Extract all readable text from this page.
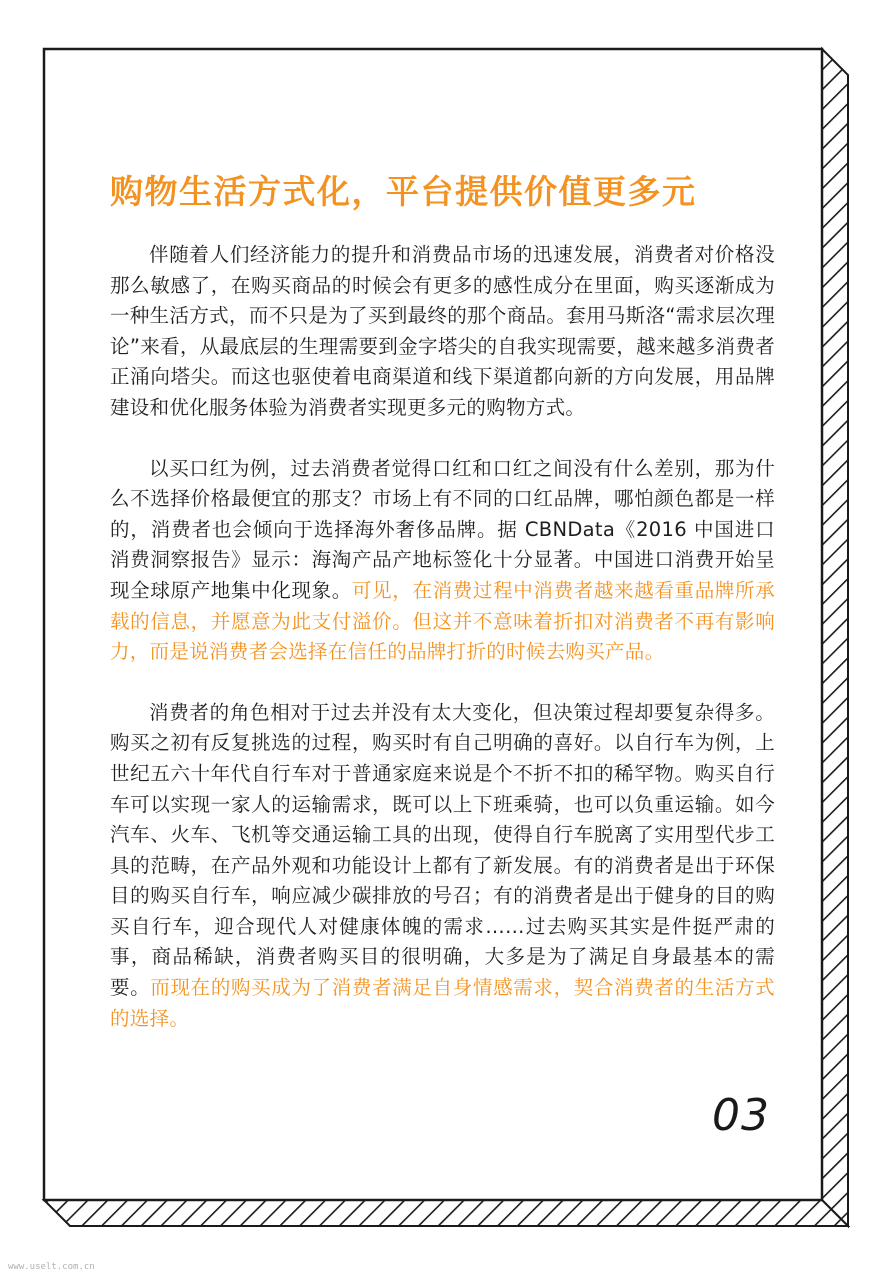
购物生活方式化，平台提供价值更多元

伴随着人们经济能力的提升和消费品市场的迅速发展，消费者对价格没那么敏感了，在购买商品的时候会有更多的感性成分在里面，购买逐渐成为一种生活方式，而不只是为了买到最终的那个商品。套用马斯洛“需求层次理论”来看，从最底层的生理需要到金字塔尖的自我实现需要，越来越多消费者正涌向塔尖。而这也驱使着电商渠道和线下渠道都向新的方向发展，用品牌建设和优化服务体验为消费者实现更多元的购物方式。

以买口红为例，过去消费者觉得口红和口红之间没有什么差别，那为什么不选择价格最便宜的那支？市场上有不同的口红品牌，哪怕颜色都是一样的，消费者也会倾向于选择海外奢侈品牌。据 CBNData《2016 中国进口消费洞察报告》显示：海淘产品产地标签化十分显著。中国进口消费开始呈现全球原产地集中化现象。可见，在消费过程中消费者越来越看重品牌所承载的信息，并愿意为此支付溢价。但这并不意味着折扣对消费者不再有影响力，而是说消费者会选择在信任的品牌打折的时候去购买产品。

消费者的角色相对于过去并没有太大变化，但决策过程却要复杂得多。购买之初有反复挑选的过程，购买时有自己明确的喜好。以自行车为例，上世纪五六十年代自行车对于普通家庭来说是个不折不扣的稀罕物。购买自行车可以实现一家人的运输需求，既可以上下班乘骑，也可以负重运输。如今汽车、火车、飞机等交通运输工具的出现，使得自行车脱离了实用型代步工具的范畴，在产品外观和功能设计上都有了新发展。有的消费者是出于环保目的购买自行车，响应减少碳排放的号召；有的消费者是出于健身的目的购买自行车，迎合现代人对健康体魄的需求……过去购买其实是件挺严肃的事，商品稀缺，消费者购买目的很明确，大多是为了满足自身最基本的需要。而现在的购买成为了消费者满足自身情感需求，契合消费者的生活方式的选择。

03
www.uselt.com.cn
